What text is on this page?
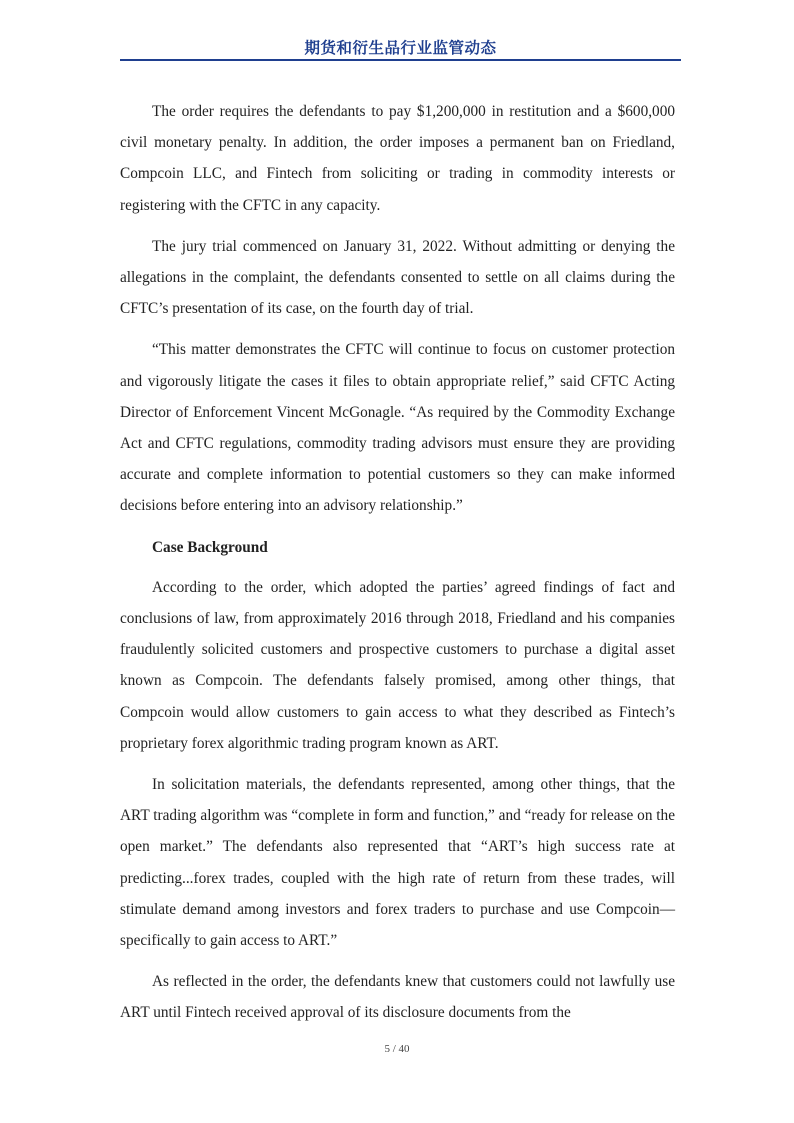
期货和衍生品行业监管动态

The order requires the defendants to pay $1,200,000 in restitution and a $600,000 civil monetary penalty. In addition, the order imposes a permanent ban on Friedland, Compcoin LLC, and Fintech from soliciting or trading in commodity interests or registering with the CFTC in any capacity.

The jury trial commenced on January 31, 2022. Without admitting or denying the allegations in the complaint, the defendants consented to settle on all claims during the CFTC’s presentation of its case, on the fourth day of trial.

“This matter demonstrates the CFTC will continue to focus on customer protection and vigorously litigate the cases it files to obtain appropriate relief,” said CFTC Acting Director of Enforcement Vincent McGonagle. “As required by the Commodity Exchange Act and CFTC regulations, commodity trading advisors must ensure they are providing accurate and complete information to potential customers so they can make informed decisions before entering into an advisory relationship.”

Case Background

According to the order, which adopted the parties’ agreed findings of fact and conclusions of law, from approximately 2016 through 2018, Friedland and his companies fraudulently solicited customers and prospective customers to purchase a digital asset known as Compcoin. The defendants falsely promised, among other things, that Compcoin would allow customers to gain access to what they described as Fintech’s proprietary forex algorithmic trading program known as ART.

In solicitation materials, the defendants represented, among other things, that the ART trading algorithm was “complete in form and function,” and “ready for release on the open market.” The defendants also represented that “ART’s high success rate at predicting...forex trades, coupled with the high rate of return from these trades, will stimulate demand among investors and forex traders to purchase and use Compcoin—specifically to gain access to ART.”

As reflected in the order, the defendants knew that customers could not lawfully use ART until Fintech received approval of its disclosure documents from the

5 / 40
